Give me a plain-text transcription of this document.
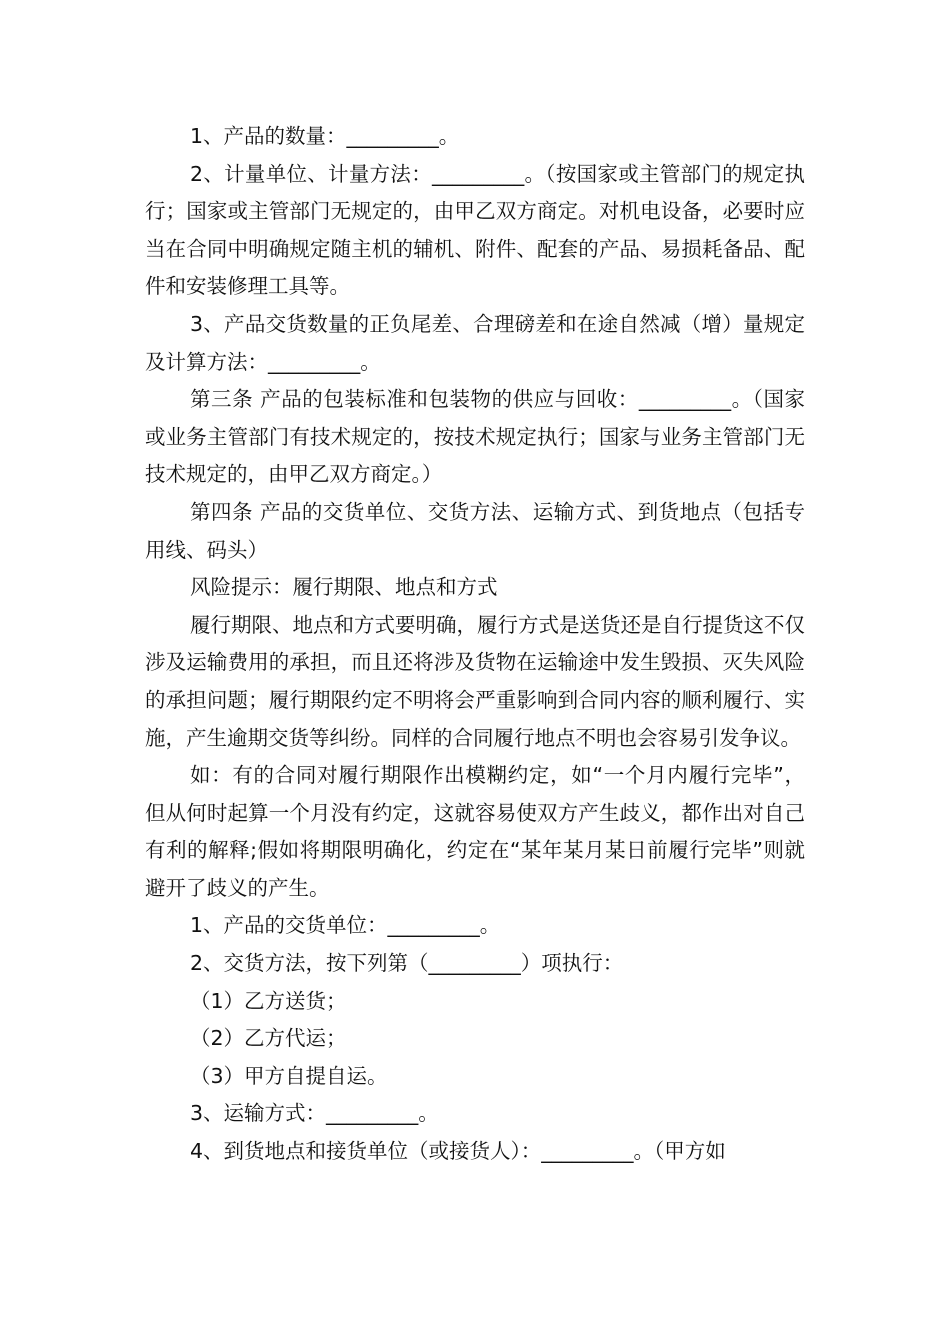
1、产品的数量：_________。

2、计量单位、计量方法：_________。（按国家或主管部门的规定执行；国家或主管部门无规定的，由甲乙双方商定。对机电设备，必要时应当在合同中明确规定随主机的辅机、附件、配套的产品、易损耗备品、配件和安装修理工具等。

3、产品交货数量的正负尾差、合理磅差和在途自然减（增）量规定及计算方法：_________。

第三条 产品的包装标准和包装物的供应与回收：_________。（国家或业务主管部门有技术规定的，按技术规定执行；国家与业务主管部门无技术规定的，由甲乙双方商定。）

第四条 产品的交货单位、交货方法、运输方式、到货地点（包括专用线、码头）

风险提示：履行期限、地点和方式

履行期限、地点和方式要明确，履行方式是送货还是自行提货这不仅涉及运输费用的承担，而且还将涉及货物在运输途中发生毁损、灭失风险的承担问题；履行期限约定不明将会严重影响到合同内容的顺利履行、实施，产生逾期交货等纠纷。同样的合同履行地点不明也会容易引发争议。

如：有的合同对履行期限作出模糊约定，如“一个月内履行完毕”，但从何时起算一个月没有约定，这就容易使双方产生歧义，都作出对自己有利的解释;假如将期限明确化，约定在“某年某月某日前履行完毕”则就避开了歧义的产生。

1、产品的交货单位：_________。

2、交货方法，按下列第（_________）项执行：

（1）乙方送货；

（2）乙方代运；

（3）甲方自提自运。

3、运输方式：_________。

4、到货地点和接货单位（或接货人）：_________。（甲方如
